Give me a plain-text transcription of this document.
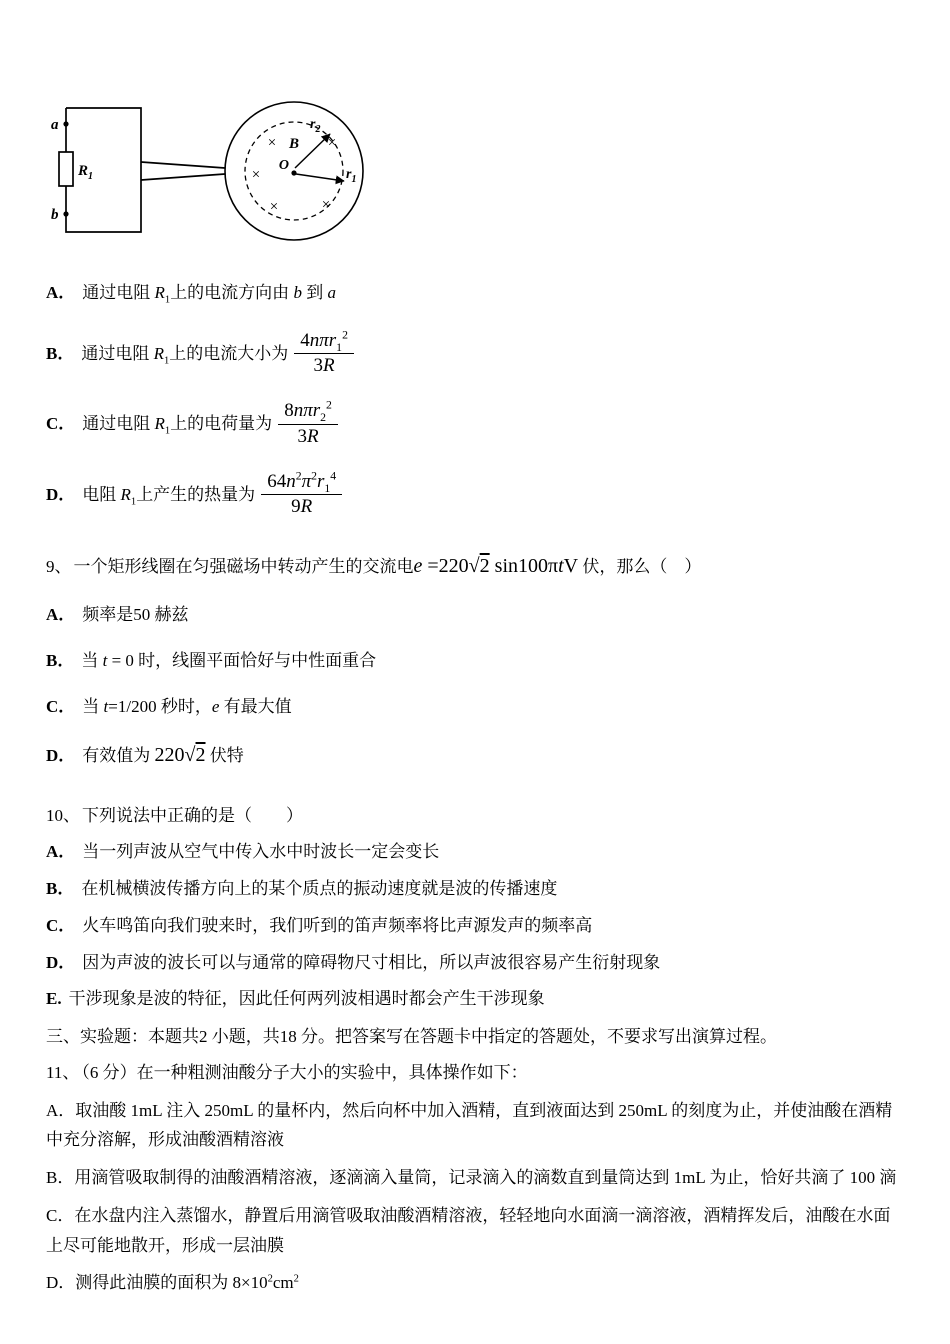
a
b
$R_1$
×
×
×	×
×
B
O
$r_1$
$r_2$

A． 通过电阻 $R_1$上的电流方向由 b 到 a

B． 通过电阻 $R_1$上的电流大小为 $\frac{4n\pi r_1^2}{3R}$

C． 通过电阻 $R_1$上的电荷量为 $\frac{8n\pi r_2^2}{3R}$

D． 电阻 $R_1$上产生的热量为 $\frac{64n^2\pi^2r_1^4}{9R}$

9、 一个矩形线圈在匀强磁场中转动产生的交流电e =220√2 sin100πtV 伏，那么（　）

A． 频率是50 赫兹

B． 当 t = 0 时，线圈平面恰好与中性面重合

C． 当 t=1/200 秒时，e 有最大值

D． 有效值为 220√2 伏特

10、 下列说法中正确的是（　　）

A． 当一列声波从空气中传入水中时波长一定会变长

B． 在机械横波传播方向上的某个质点的振动速度就是波的传播速度

C． 火车鸣笛向我们驶来时，我们听到的笛声频率将比声源发声的频率高

D． 因为声波的波长可以与通常的障碍物尺寸相比，所以声波很容易产生衍射现象

E. 干涉现象是波的特征，因此任何两列波相遇时都会产生干涉现象

三、实验题：本题共2 小题，共18 分。把答案写在答题卡中指定的答题处，不要求写出演算过程。

11、 （6 分）在一种粗测油酸分子大小的实验中，具体操作如下：

A．取油酸 1mL 注入 250mL 的量杯内，然后向杯中加入酒精，直到液面达到 250mL 的刻度为止，并使油酸在酒精中充分溶解，形成油酸酒精溶液

B．用滴管吸取制得的油酸酒精溶液，逐滴滴入量筒，记录滴入的滴数直到量筒达到 1mL 为止，恰好共滴了 100 滴

C．在水盘内注入蒸馏水，静置后用滴管吸取油酸酒精溶液，轻轻地向水面滴一滴溶液，酒精挥发后，油酸在水面上尽可能地散开，形成一层油膜

D．测得此油膜的面积为 $8\times 10^2cm^2$
